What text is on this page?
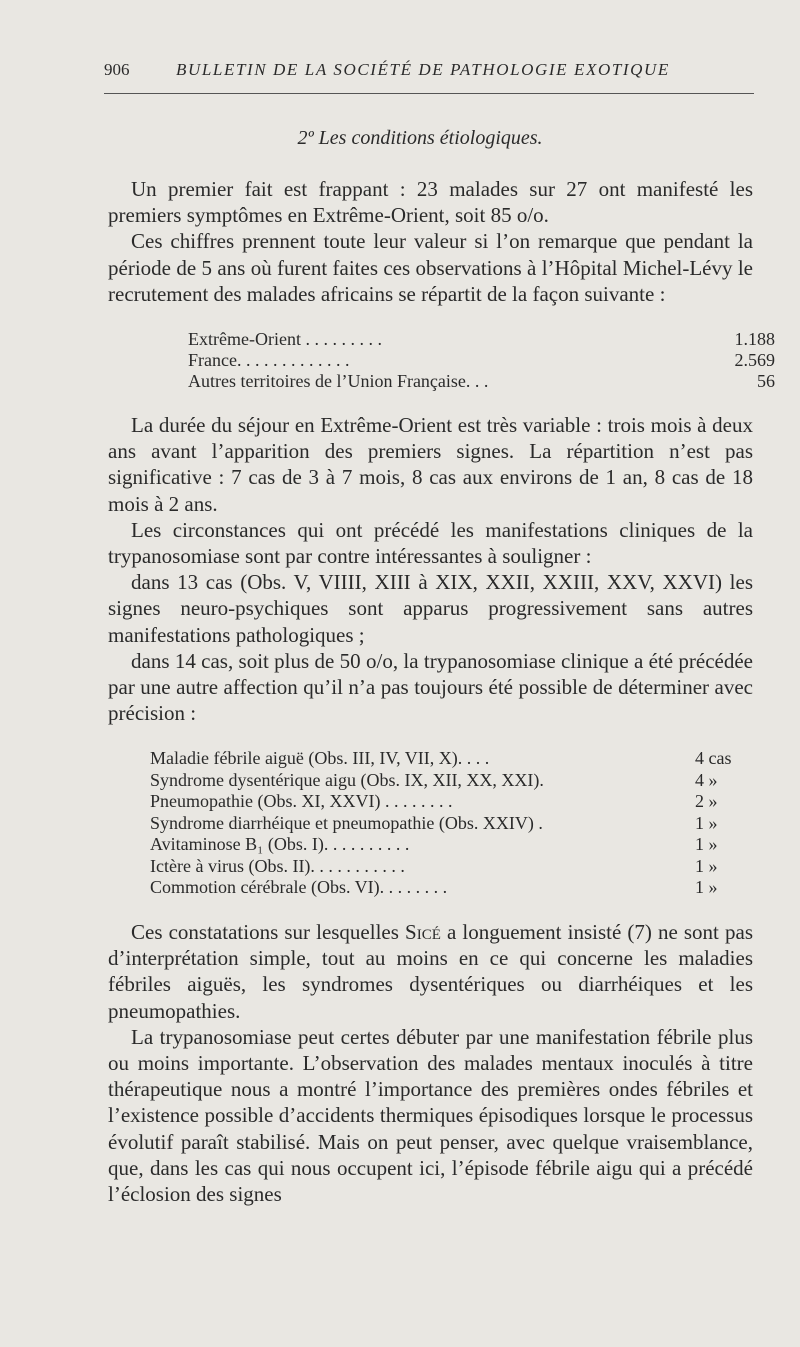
906	BULLETIN DE LA SOCIÉTÉ DE PATHOLOGIE EXOTIQUE
2º Les conditions étiologiques.

Un premier fait est frappant : 23 malades sur 27 ont manifesté les premiers symptômes en Extrême-Orient, soit 85 o/o.

Ces chiffres prennent toute leur valeur si l’on remarque que pendant la période de 5 ans où furent faites ces observations à l’Hôpital Michel-Lévy le recrutement des malades africains se répartit de la façon suivante :

Extrême-Orient . . . . . . . . .	1.188
France. . . . . . . . . . . . .	2.569
Autres territoires de l’Union Française. . .	56

La durée du séjour en Extrême-Orient est très variable : trois mois à deux ans avant l’apparition des premiers signes. La répartition n’est pas significative : 7 cas de 3 à 7 mois, 8 cas aux environs de 1 an, 8 cas de 18 mois à 2 ans.

Les circonstances qui ont précédé les manifestations cliniques de la trypanosomiase sont par contre intéressantes à souligner :

dans 13 cas (Obs. V, VIIII, XIII à XIX, XXII, XXIII, XXV, XXVI) les signes neuro-psychiques sont apparus progressivement sans autres manifestations pathologiques ;

dans 14 cas, soit plus de 50 o/o, la trypanosomiase clinique a été précédée par une autre affection qu’il n’a pas toujours été possible de déterminer avec précision :

Maladie fébrile aiguë (Obs. III, IV, VII, X). . . .	4 cas
Syndrome dysentérique aigu (Obs. IX, XII, XX, XXI).	4 »
Pneumopathie (Obs. XI, XXVI) . . . . . . . .	2 »
Syndrome diarrhéique et pneumopathie (Obs. XXIV) .	1 »
Avitaminose B₁ (Obs. I). . . . . . . . . .	1 »
Ictère à virus (Obs. II). . . . . . . . . . .	1 »
Commotion cérébrale (Obs. VI). . . . . . . .	1 »

Ces constatations sur lesquelles Sicé a longuement insisté (7) ne sont pas d’interprétation simple, tout au moins en ce qui concerne les maladies fébriles aiguës, les syndromes dysentériques ou diarrhéiques et les pneumopathies.

La trypanosomiase peut certes débuter par une manifestation fébrile plus ou moins importante. L’observation des malades mentaux inoculés à titre thérapeutique nous a montré l’importance des premières ondes fébriles et l’existence possible d’accidents thermiques épisodiques lorsque le processus évolutif paraît stabilisé. Mais on peut penser, avec quelque vraisemblance, que, dans les cas qui nous occupent ici, l’épisode fébrile aigu qui a précédé l’éclosion des signes
